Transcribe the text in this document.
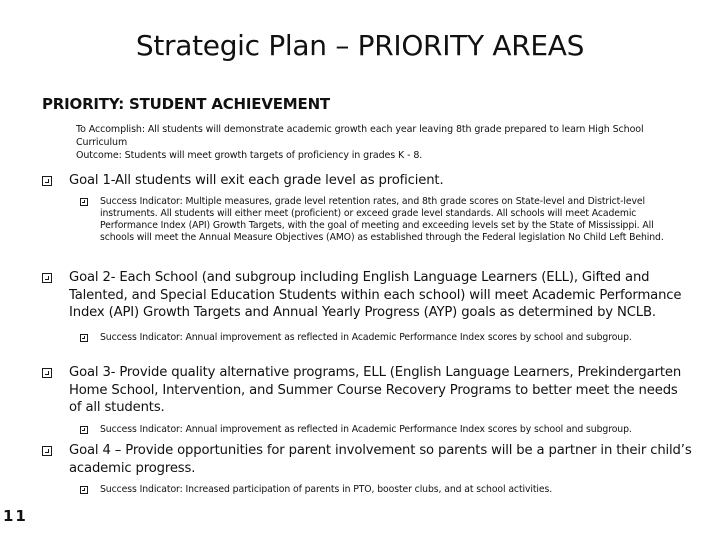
Strategic Plan – PRIORITY AREAS
PRIORITY: STUDENT ACHIEVEMENT

To Accomplish: All students will demonstrate academic growth each year leaving 8th grade prepared to learn High School Curriculum

Outcome: Students will meet growth targets of proficiency in grades K - 8.

Goal 1-All students will exit each grade level as proficient.
Success Indicator: Multiple measures, grade level retention rates, and 8th grade scores on State-level and District-level instruments. All students will either meet (proficient) or exceed grade level standards. All schools will meet Academic Performance Index (API) Growth Targets, with the goal of meeting and exceeding levels set by the State of Mississippi. All schools will meet the Annual Measure Objectives (AMO) as established through the Federal legislation No Child Left Behind.
Goal 2- Each School (and subgroup including English Language Learners (ELL), Gifted and Talented, and Special Education Students within each school) will meet Academic Performance Index (API) Growth Targets and Annual Yearly Progress (AYP) goals as determined by NCLB.
Success Indicator: Annual improvement as reflected in Academic Performance Index scores by school and subgroup.
Goal 3- Provide quality alternative programs, ELL (English Language Learners, Prekindergarten Home School, Intervention, and Summer Course Recovery Programs to better meet the needs of all students.
Success Indicator: Annual improvement as reflected in Academic Performance Index scores by school and subgroup.
Goal 4 – Provide opportunities for parent involvement so parents will be a partner in their child’s academic progress.
Success Indicator: Increased participation of parents in PTO, booster clubs, and at school activities.
11
